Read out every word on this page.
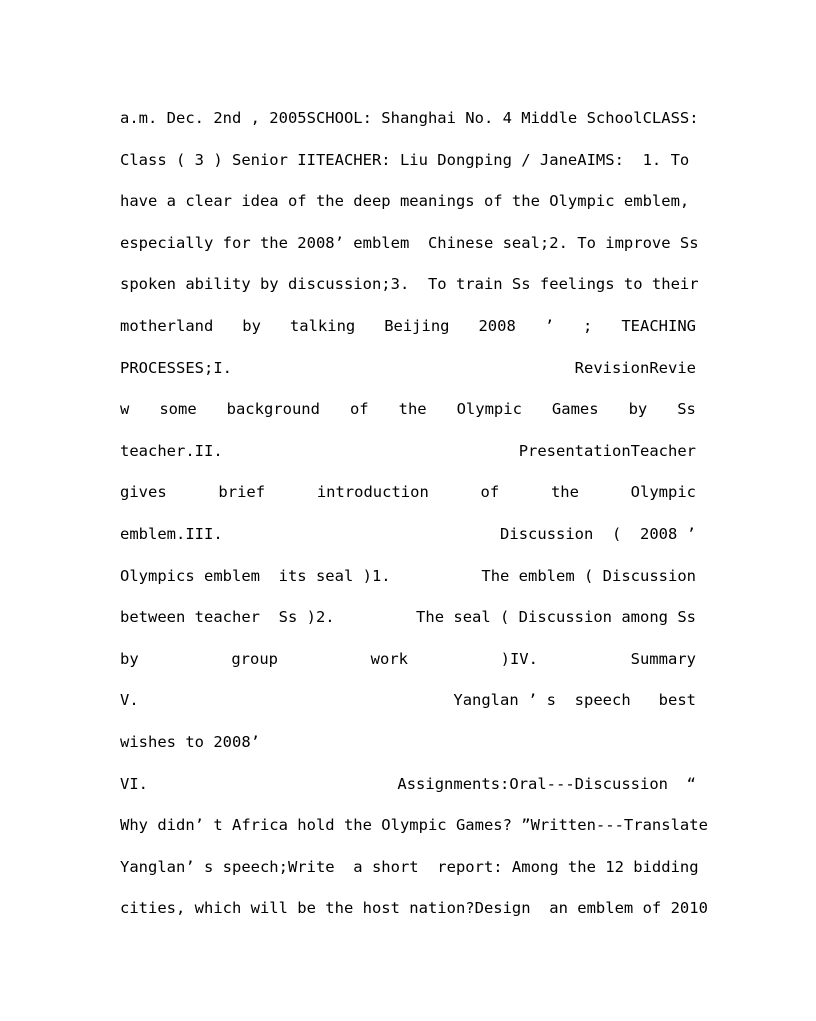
a.m. Dec. 2nd , 2005SCHOOL: Shanghai No. 4 Middle SchoolCLASS:
Class ( 3 ) Senior IITEACHER: Liu Dongping / JaneAIMS:  1. To
have a clear idea of the deep meanings of the Olympic emblem,
especially for the 2008’ emblem  Chinese seal;2. To improve Ss
spoken ability by discussion;3.  To train Ss feelings to their
motherland by talking Beijing 2008 ’ ; TEACHING
PROCESSES;I.	RevisionRevie
w some background of the Olympic Games by Ss
teacher.II.	PresentationTeacher
gives	brief	introduction	of	the	Olympic
emblem.III.	Discussion  (  2008 ’
Olympics emblem  its seal )1.	The emblem ( Discussion
between teacher  Ss )2.	The seal ( Discussion among Ss
by	group	work	)IV.	Summary
V.	Yanglan ’ s  speech   best
wishes to 2008’
VI.	Assignments:Oral---Discussion  “
Why didn’ t Africa hold the Olympic Games? ”Written---Translate
Yanglan’ s speech;Write  a short  report: Among the 12 bidding
cities, which will be the host nation?Design  an emblem of 2010
